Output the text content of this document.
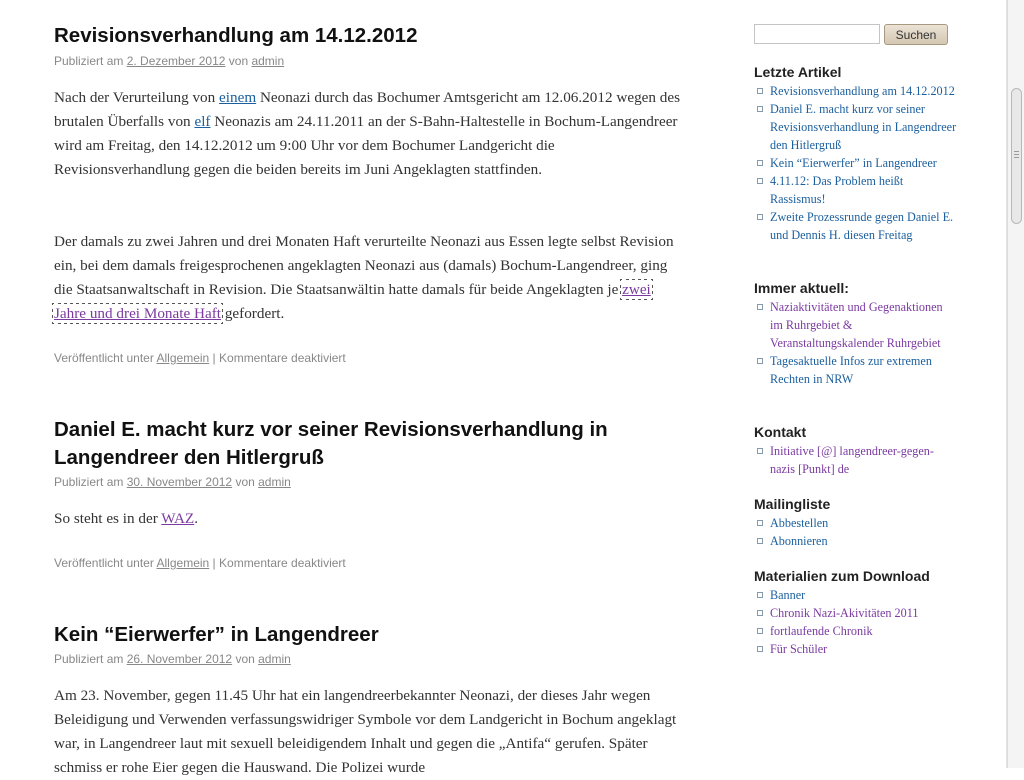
Revisionsverhandlung am 14.12.2012
Publiziert am 2. Dezember 2012 von admin

Nach der Verurteilung von einem Neonazi durch das Bochumer Amtsgericht am 12.06.2012 wegen des brutalen Überfalls von elf Neonazis am 24.11.2011 an der S-Bahn-Haltestelle in Bochum-Langendreer wird am Freitag, den 14.12.2012 um 9:00 Uhr vor dem Bochumer Landgericht die Revisionsverhandlung gegen die beiden bereits im Juni Angeklagten stattfinden.

Der damals zu zwei Jahren und drei Monaten Haft verurteilte Neonazi aus Essen legte selbst Revision ein, bei dem damals freigesprochenen angeklagten Neonazi aus (damals) Bochum-Langendreer, ging die Staatsanwaltschaft in Revision. Die Staatsanwältin hatte damals für beide Angeklagten je zwei Jahre und drei Monate Haft gefordert.

Veröffentlicht unter Allgemein | Kommentare deaktiviert
Daniel E. macht kurz vor seiner Revisionsverhandlung in Langendreer den Hitlergruß
Publiziert am 30. November 2012 von admin

So steht es in der WAZ.

Veröffentlicht unter Allgemein | Kommentare deaktiviert
Kein “Eierwerfer” in Langendreer
Publiziert am 26. November 2012 von admin

Am 23. November, gegen 11.45 Uhr hat ein langendreerbekannter Neonazi, der dieses Jahr wegen Beleidigung und Verwenden verfassungswidriger Symbole vor dem Landgericht in Bochum angeklagt war, in Langendreer laut mit sexuell beleidigendem Inhalt und gegen die „Antifa“ gerufen. Später schmiss er rohe Eier gegen die Hauswand. Die Polizei wurde

Suchen
Letzte Artikel
Revisionsverhandlung am 14.12.2012
Daniel E. macht kurz vor seiner Revisionsverhandlung in Langendreer den Hitlergruß
Kein “Eierwerfer” in Langendreer
4.11.12: Das Problem heißt Rassismus!
Zweite Prozessrunde gegen Daniel E. und Dennis H. diesen Freitag
Immer aktuell:
Naziaktivitäten und Gegenaktionen im Ruhrgebiet & Veranstaltungskalender Ruhrgebiet
Tagesaktuelle Infos zur extremen Rechten in NRW
Kontakt
Initiative [@] langendreer-gegen-nazis [Punkt] de
Mailingliste
Abbestellen
Abonnieren
Materialien zum Download
Banner
Chronik Nazi-Akivitäten 2011
fortlaufende Chronik
Für Schüler
